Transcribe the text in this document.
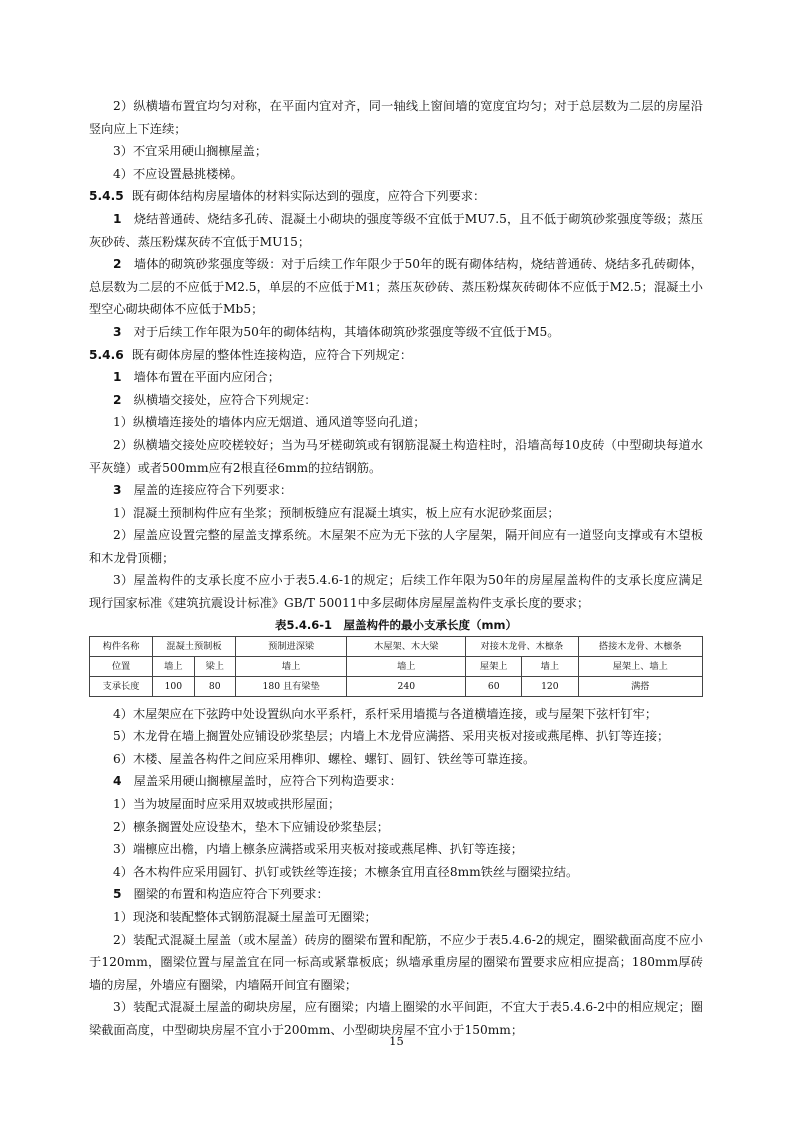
2）纵横墙布置宜均匀对称，在平面内宜对齐，同一轴线上窗间墙的宽度宜均匀；对于总层数为二层的房屋沿竖向应上下连续；

3）不宜采用硬山搁檩屋盖；

4）不应设置悬挑楼梯。

5.4.5 既有砌体结构房屋墙体的材料实际达到的强度，应符合下列要求：

1　 烧结普通砖、烧结多孔砖、混凝土小砌块的强度等级不宜低于MU7.5，且不低于砌筑砂浆强度等级；蒸压灰砂砖、蒸压粉煤灰砖不宜低于MU15；

2　 墙体的砌筑砂浆强度等级：对于后续工作年限少于50年的既有砌体结构，烧结普通砖、烧结多孔砖砌体，总层数为二层的不应低于M2.5，单层的不应低于M1；蒸压灰砂砖、蒸压粉煤灰砖砌体不应低于M2.5；混凝土小型空心砌块砌体不应低于Mb5；

3　 对于后续工作年限为50年的砌体结构，其墙体砌筑砂浆强度等级不宜低于M5。

5.4.6 既有砌体房屋的整体性连接构造，应符合下列规定：

1　 墙体布置在平面内应闭合；

2　 纵横墙交接处，应符合下列规定：

1）纵横墙连接处的墙体内应无烟道、通风道等竖向孔道；

2）纵横墙交接处应咬槎较好；当为马牙槎砌筑或有钢筋混凝土构造柱时，沿墙高每10皮砖（中型砌块每道水平灰缝）或者500mm应有2根直径6mm的拉结钢筋。

3　 屋盖的连接应符合下列要求：

1）混凝土预制构件应有坐浆；预制板缝应有混凝土填实，板上应有水泥砂浆面层；

2）屋盖应设置完整的屋盖支撑系统。木屋架不应为无下弦的人字屋架，隔开间应有一道竖向支撑或有木望板和木龙骨顶棚；

3）屋盖构件的支承长度不应小于表5.4.6-1的规定；后续工作年限为50年的房屋屋盖构件的支承长度应满足现行国家标准《建筑抗震设计标准》GB/T 50011中多层砌体房屋屋盖构件支承长度的要求；

表5.4.6-1　屋盖构件的最小支承长度（mm）

构件名称	混凝土预制板		预制进深梁	木屋架、木大梁	对接木龙骨、木檩条		搭接木龙骨、木檩条
位置	墙上	梁上	墙上	墙上	屋架上	墙上	屋架上、墙上
支承长度	100	80	180 且有梁垫	240	60	120	满搭

4）木屋架应在下弦跨中处设置纵向水平系杆，系杆采用墙揽与各道横墙连接，或与屋架下弦杆钉牢；

5）木龙骨在墙上搁置处应铺设砂浆垫层；内墙上木龙骨应满搭、采用夹板对接或燕尾榫、扒钉等连接；

6）木楼、屋盖各构件之间应采用榫卯、螺栓、螺钉、圆钉、铁丝等可靠连接。

4　 屋盖采用硬山搁檩屋盖时，应符合下列构造要求：

1）当为坡屋面时应采用双坡或拱形屋面；

2）檩条搁置处应设垫木，垫木下应铺设砂浆垫层；

3）端檩应出檐，内墙上檩条应满搭或采用夹板对接或燕尾榫、扒钉等连接；

4）各木构件应采用圆钉、扒钉或铁丝等连接；木檩条宜用直径8mm铁丝与圈梁拉结。

5　 圈梁的布置和构造应符合下列要求：

1）现浇和装配整体式钢筋混凝土屋盖可无圈梁；

2）装配式混凝土屋盖（或木屋盖）砖房的圈梁布置和配筋，不应少于表5.4.6-2的规定，圈梁截面高度不应小于120mm，圈梁位置与屋盖宜在同一标高或紧靠板底；纵墙承重房屋的圈梁布置要求应相应提高；180mm厚砖墙的房屋，外墙应有圈梁，内墙隔开间宜有圈梁；

3）装配式混凝土屋盖的砌块房屋，应有圈梁；内墙上圈梁的水平间距，不宜大于表5.4.6-2中的相应规定；圈梁截面高度，中型砌块房屋不宜小于200mm、小型砌块房屋不宜小于150mm；

15
